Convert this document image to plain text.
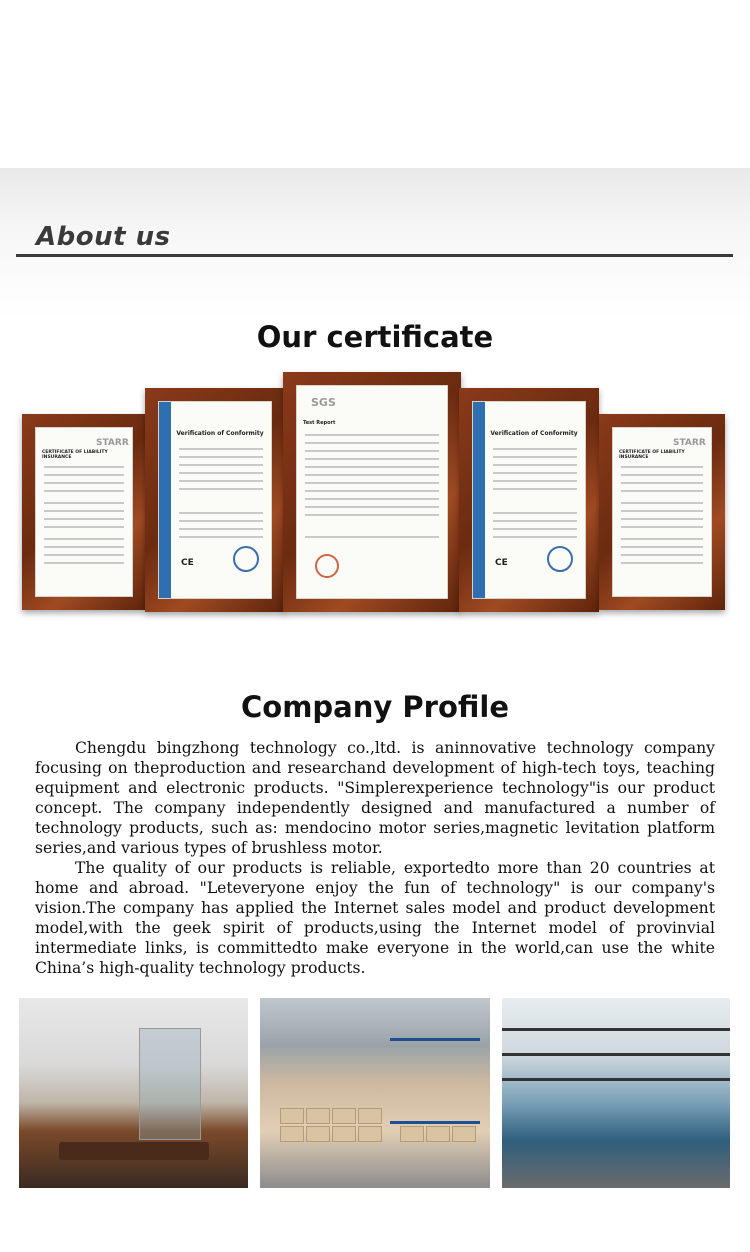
About us
Our certificate
STARR
CERTIFICATE OF LIABILITY INSURANCE
Verification of Conformity
CE
SGS
Test Report
Verification of Conformity
CE
STARR
CERTIFICATE OF LIABILITY INSURANCE
Company Profile

Chengdu bingzhong technology co.,ltd. is aninnovative technology company focusing on theproduction and researchand development of high-tech toys, teaching equipment and electronic products. "Simplerexperience technology"is our product concept. The company independently designed and manufactured a number of technology products, such as: mendocino motor series,magnetic levitation platform series,and various types of brushless motor.

The quality of our products is reliable, exportedto more than 20 countries at home and abroad. "Leteveryone enjoy the fun of technology" is our company's vision.The company has applied the Internet sales model and product development model,with the geek spirit of products,using the Internet model of provinvial intermediate links, is committedto make everyone in the world,can use the white China’s high-quality technology products.
